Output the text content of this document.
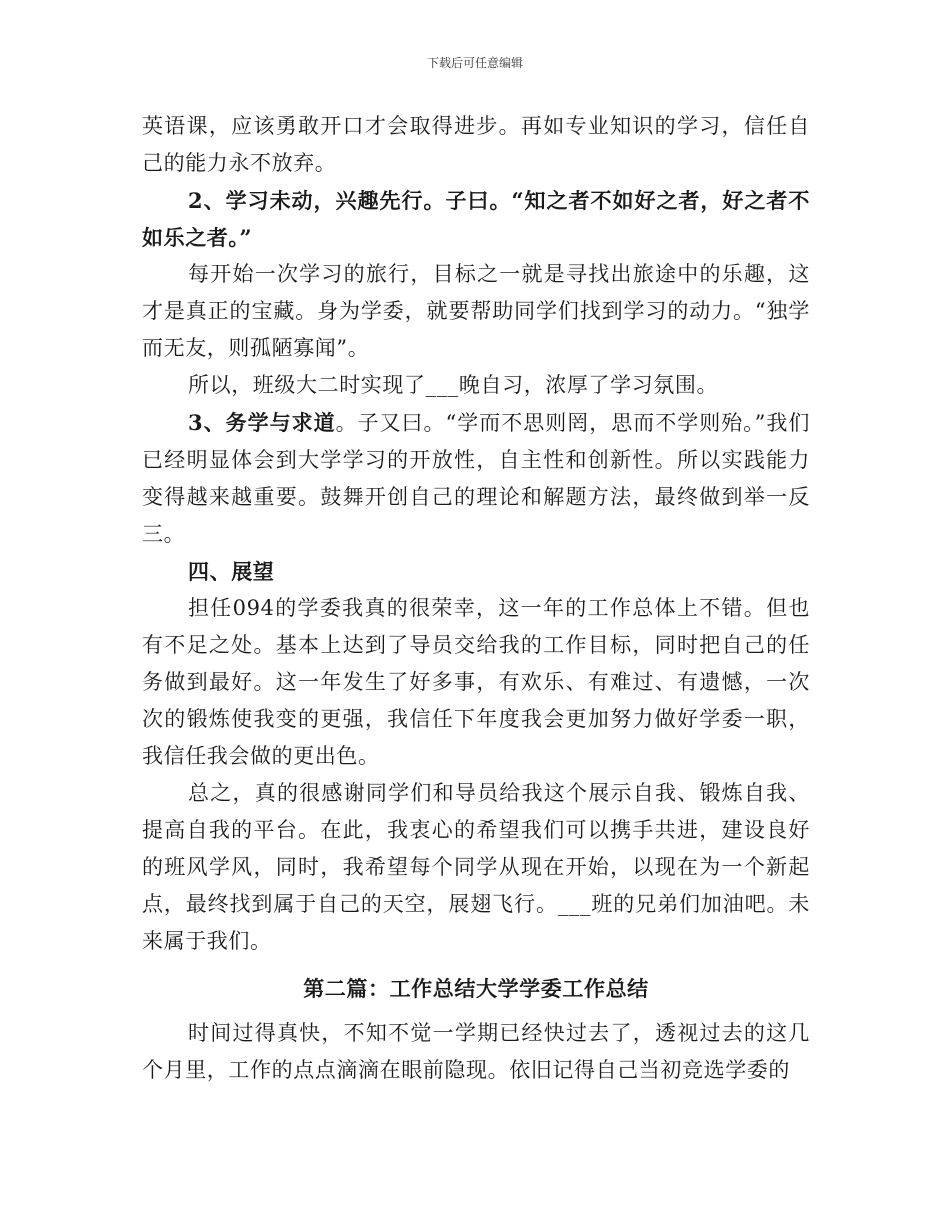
下载后可任意编辑

英语课，应该勇敢开口才会取得进步。再如专业知识的学习，信任自己的能力永不放弃。

2、学习未动，兴趣先行。子曰。“知之者不如好之者，好之者不如乐之者。”

每开始一次学习的旅行，目标之一就是寻找出旅途中的乐趣，这才是真正的宝藏。身为学委，就要帮助同学们找到学习的动力。“独学而无友，则孤陋寡闻”。

所以，班级大二时实现了___晚自习，浓厚了学习氛围。

3、务学与求道。子又曰。“学而不思则罔，思而不学则殆。”我们已经明显体会到大学学习的开放性，自主性和创新性。所以实践能力变得越来越重要。鼓舞开创自己的理论和解题方法，最终做到举一反三。

四、展望

担任094的学委我真的很荣幸，这一年的工作总体上不错。但也有不足之处。基本上达到了导员交给我的工作目标，同时把自己的任务做到最好。这一年发生了好多事，有欢乐、有难过、有遗憾，一次次的锻炼使我变的更强，我信任下年度我会更加努力做好学委一职，我信任我会做的更出色。

总之，真的很感谢同学们和导员给我这个展示自我、锻炼自我、提高自我的平台。在此，我衷心的希望我们可以携手共进，建设良好的班风学风，同时，我希望每个同学从现在开始，以现在为一个新起点，最终找到属于自己的天空，展翅飞行。___班的兄弟们加油吧。未来属于我们。

第二篇：工作总结大学学委工作总结

时间过得真快，不知不觉一学期已经快过去了，透视过去的这几个月里，工作的点点滴滴在眼前隐现。依旧记得自己当初竞选学委的
